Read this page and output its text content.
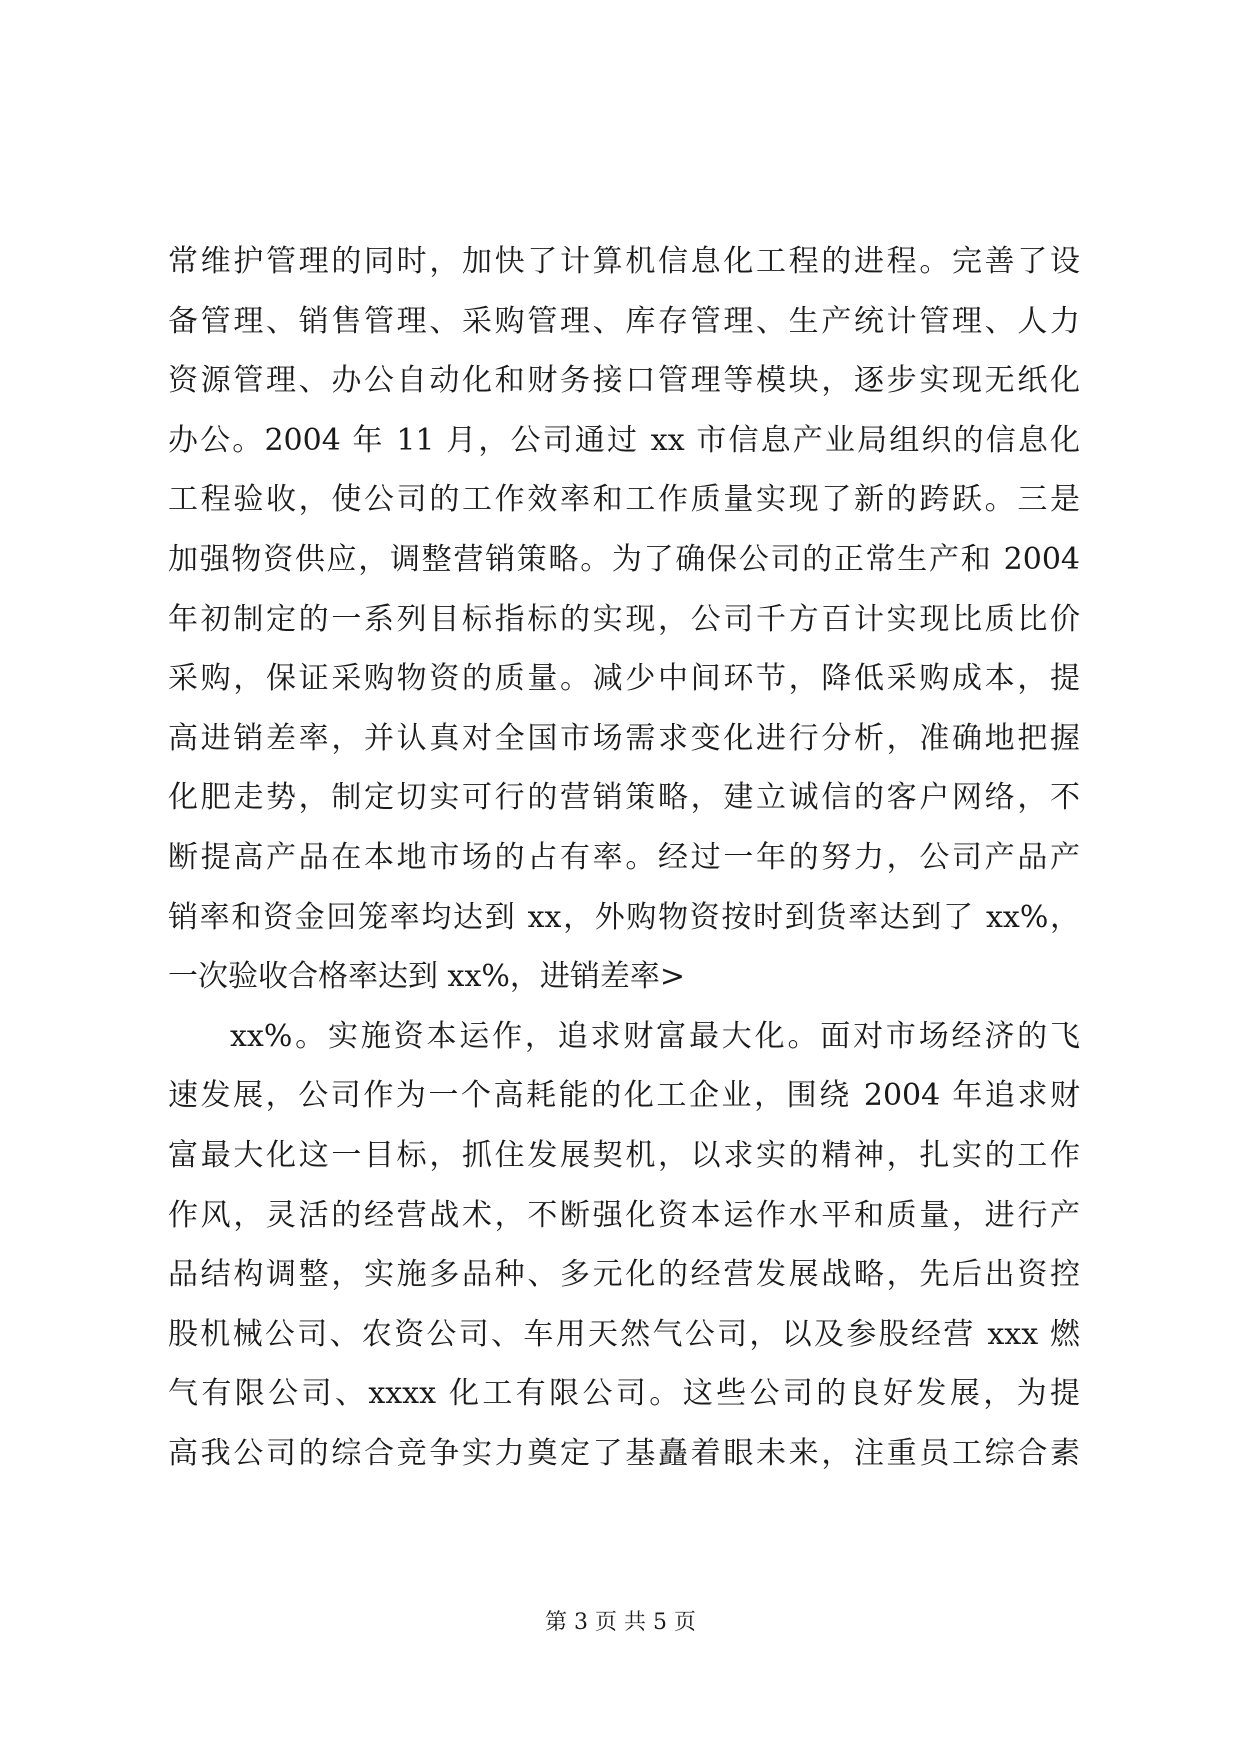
常维护管理的同时，加快了计算机信息化工程的进程。完善了设
备管理、销售管理、采购管理、库存管理、生产统计管理、人力
资源管理、办公自动化和财务接口管理等模块，逐步实现无纸化
办公。2004 年 11 月，公司通过 xx 市信息产业局组织的信息化
工程验收，使公司的工作效率和工作质量实现了新的跨跃。三是
加强物资供应，调整营销策略。为了确保公司的正常生产和 2004
年初制定的一系列目标指标的实现，公司千方百计实现比质比价
采购，保证采购物资的质量。减少中间环节，降低采购成本，提
高进销差率，并认真对全国市场需求变化进行分析，准确地把握
化肥走势，制定切实可行的营销策略，建立诚信的客户网络，不
断提高产品在本地市场的占有率。经过一年的努力，公司产品产
销率和资金回笼率均达到 xx，外购物资按时到货率达到了 xx%，
一次验收合格率达到 xx%，进销差率>
xx%。实施资本运作，追求财富最大化。面对市场经济的飞
速发展，公司作为一个高耗能的化工企业，围绕 2004 年追求财
富最大化这一目标，抓住发展契机，以求实的精神，扎实的工作
作风，灵活的经营战术，不断强化资本运作水平和质量，进行产
品结构调整，实施多品种、多元化的经营发展战略，先后出资控
股机械公司、农资公司、车用天然气公司，以及参股经营 xxx 燃
气有限公司、xxxx 化工有限公司。这些公司的良好发展，为提
高我公司的综合竞争实力奠定了基矗着眼未来，注重员工综合素
第 3 页 共 5 页
